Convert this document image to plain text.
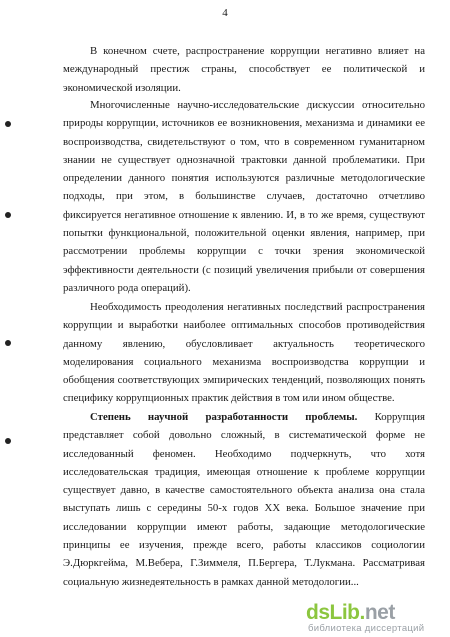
4
В конечном счете, распространение коррупции негативно влияет на
международный престиж страны, способствует ее политической и
экономической изоляции.
Многочисленные научно-исследовательские дискуссии относительно
природы коррупции, источников ее возникновения, механизма и динамики ее
воспроизводства, свидетельствуют о том, что в современном гуманитарном
знании не существует однозначной трактовки данной проблематики. При
определении данного понятия используются различные методологические
подходы, при этом, в большинстве случаев, достаточно отчетливо
фиксируется негативное отношение к явлению. И, в то же время, существуют
попытки функциональной, положительной оценки явления, например, при
рассмотрении проблемы коррупции с точки зрения экономической
эффективности деятельности (с позиций увеличения прибыли от совершения
различного рода операций).
Необходимость преодоления негативных последствий распространения
коррупции и выработки наиболее оптимальных способов противодействия
данному явлению, обусловливает актуальность теоретического
моделирования социального механизма воспроизводства коррупции и
обобщения соответствующих эмпирических тенденций, позволяющих понять
специфику коррупционных практик действия в том или ином обществе.
Степень научной разработанности проблемы. Коррупция
представляет собой довольно сложный, в систематической форме не
исследованный феномен. Необходимо подчеркнуть, что хотя
исследовательская традиция, имеющая отношение к проблеме коррупции
существует давно, в качестве самостоятельного объекта анализа она стала
выступать лишь с середины 50-х годов XX века. Большое значение при
исследовании коррупции имеют работы, задающие методологические
принципы ее изучения, прежде всего, работы классиков социологии
Э.Дюркгейма, М.Вебера, Г.Зиммеля, П.Бергера, Т.Лукмана. Рассматривая
социальную жизнедеятельность в рамках данной методологии...
dsLib.net
библиотека диссертаций
